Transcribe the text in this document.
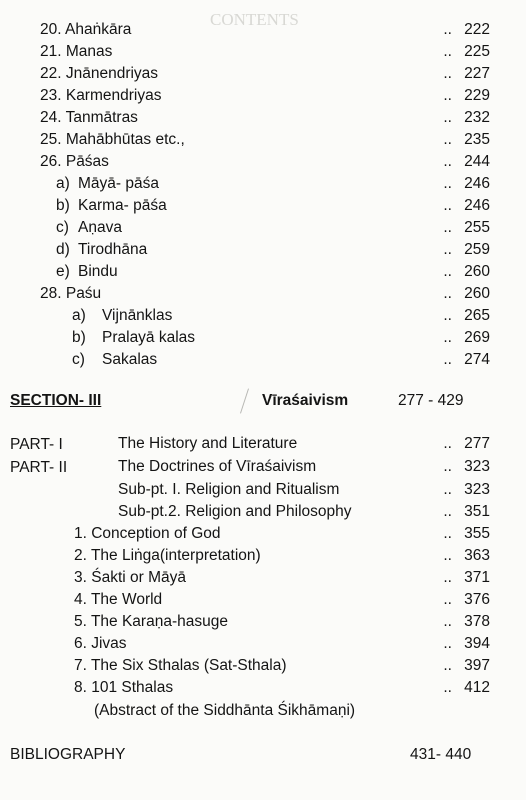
CONTENTS
20. Ahaṅkāra	.. 222
21. Manas	.. 225
22. Jnānendriyas	.. 227
23. Karmendriyas	.. 229
24. Tanmātras	.. 232
25. Mahābhūtas etc.,	.. 235
26. Pāśas	.. 244
a) Māyā- pāśa	.. 246
b) Karma- pāśa	.. 246
c) Aṇava	.. 255
d) Tirodhāna	.. 259
e) Bindu	.. 260
28. Paśu	.. 260
a)	Vijnānklas	.. 265
b)	Pralayā kalas	.. 269
c)	Sakalas	.. 274
SECTION- III	Vīraśaivism	277 - 429
PART- I	The History and Literature	.. 277
PART- II	The Doctrines of Vīraśaivism	.. 323
Sub-pt. I. Religion and Ritualism	.. 323
Sub-pt.2. Religion and Philosophy	.. 351
1. Conception of God	.. 355
2. The Liṅga(interpretation)	.. 363
3. Śakti or Māyā	.. 371
4. The World	.. 376
5. The Karaṇa-hasuge	.. 378
6. Jivas	.. 394
7. The Six Sthalas (Sat-Sthala)	.. 397
8. 101 Sthalas	.. 412
(Abstract of the Siddhānta Śikhāmaṇi)
BIBLIOGRAPHY	431- 440
